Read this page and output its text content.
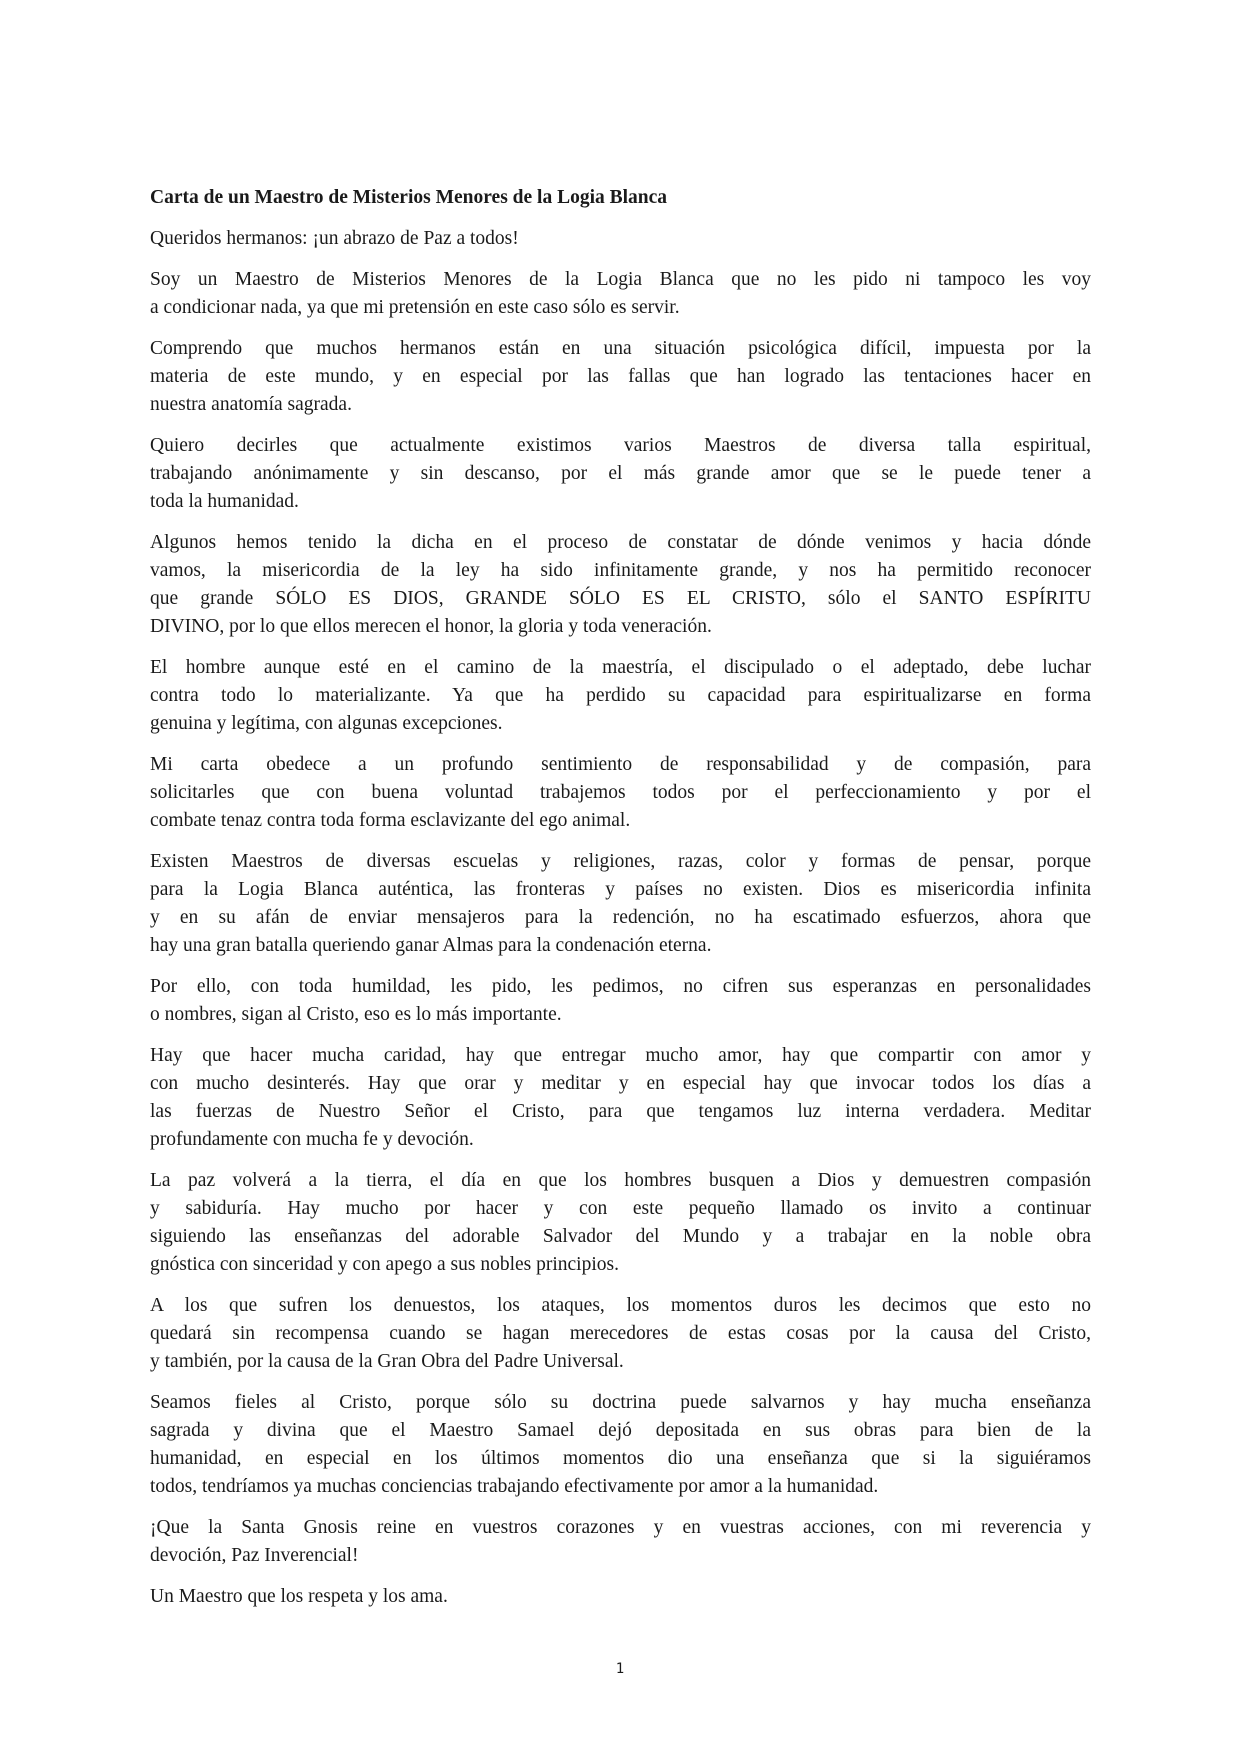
Carta de un Maestro de Misterios Menores de la Logia Blanca
Queridos hermanos: ¡un abrazo de Paz a todos!
Soy un Maestro de Misterios Menores de la Logia Blanca que no les pido ni tampoco les voy
a condicionar nada, ya que mi pretensión en este caso sólo es servir.
Comprendo que muchos hermanos están en una situación psicológica difícil, impuesta por la
materia de este mundo, y en especial por las fallas que han logrado las tentaciones hacer en
nuestra anatomía sagrada.
Quiero decirles que actualmente existimos varios Maestros de diversa talla espiritual,
trabajando anónimamente y sin descanso, por el más grande amor que se le puede tener a
toda la humanidad.
Algunos hemos tenido la dicha en el proceso de constatar de dónde venimos y hacia dónde
vamos, la misericordia de la ley ha sido infinitamente grande, y nos ha permitido reconocer
que grande SÓLO ES DIOS, GRANDE SÓLO ES EL CRISTO, sólo el SANTO ESPÍRITU
DIVINO, por lo que ellos merecen el honor, la gloria y toda veneración.
El hombre aunque esté en el camino de la maestría, el discipulado o el adeptado, debe luchar
contra todo lo materializante. Ya que ha perdido su capacidad para espiritualizarse en forma
genuina y legítima, con algunas excepciones.
Mi carta obedece a un profundo sentimiento de responsabilidad y de compasión, para
solicitarles que con buena voluntad trabajemos todos por el perfeccionamiento y por el
combate tenaz contra toda forma esclavizante del ego animal.
Existen Maestros de diversas escuelas y religiones, razas, color y formas de pensar, porque
para la Logia Blanca auténtica, las fronteras y países no existen. Dios es misericordia infinita
y en su afán de enviar mensajeros para la redención, no ha escatimado esfuerzos, ahora que
hay una gran batalla queriendo ganar Almas para la condenación eterna.
Por ello, con toda humildad, les pido, les pedimos, no cifren sus esperanzas en personalidades
o nombres, sigan al Cristo, eso es lo más importante.
Hay que hacer mucha caridad, hay que entregar mucho amor, hay que compartir con amor y
con mucho desinterés. Hay que orar y meditar y en especial hay que invocar todos los días a
las fuerzas de Nuestro Señor el Cristo, para que tengamos luz interna verdadera. Meditar
profundamente con mucha fe y devoción.
La paz volverá a la tierra, el día en que los hombres busquen a Dios y demuestren compasión
y sabiduría. Hay mucho por hacer y con este pequeño llamado os invito a continuar
siguiendo las enseñanzas del adorable Salvador del Mundo y a trabajar en la noble obra
gnóstica con sinceridad y con apego a sus nobles principios.
A los que sufren los denuestos, los ataques, los momentos duros les decimos que esto no
quedará sin recompensa cuando se hagan merecedores de estas cosas por la causa del Cristo,
y también, por la causa de la Gran Obra del Padre Universal.
Seamos fieles al Cristo, porque sólo su doctrina puede salvarnos y hay mucha enseñanza
sagrada y divina que el Maestro Samael dejó depositada en sus obras para bien de la
humanidad, en especial en los últimos momentos dio una enseñanza que si la siguiéramos
todos, tendríamos ya muchas conciencias trabajando efectivamente por amor a la humanidad.
¡Que la Santa Gnosis reine en vuestros corazones y en vuestras acciones, con mi reverencia y
devoción, Paz Inverencial!
Un Maestro que los respeta y los ama.
1
